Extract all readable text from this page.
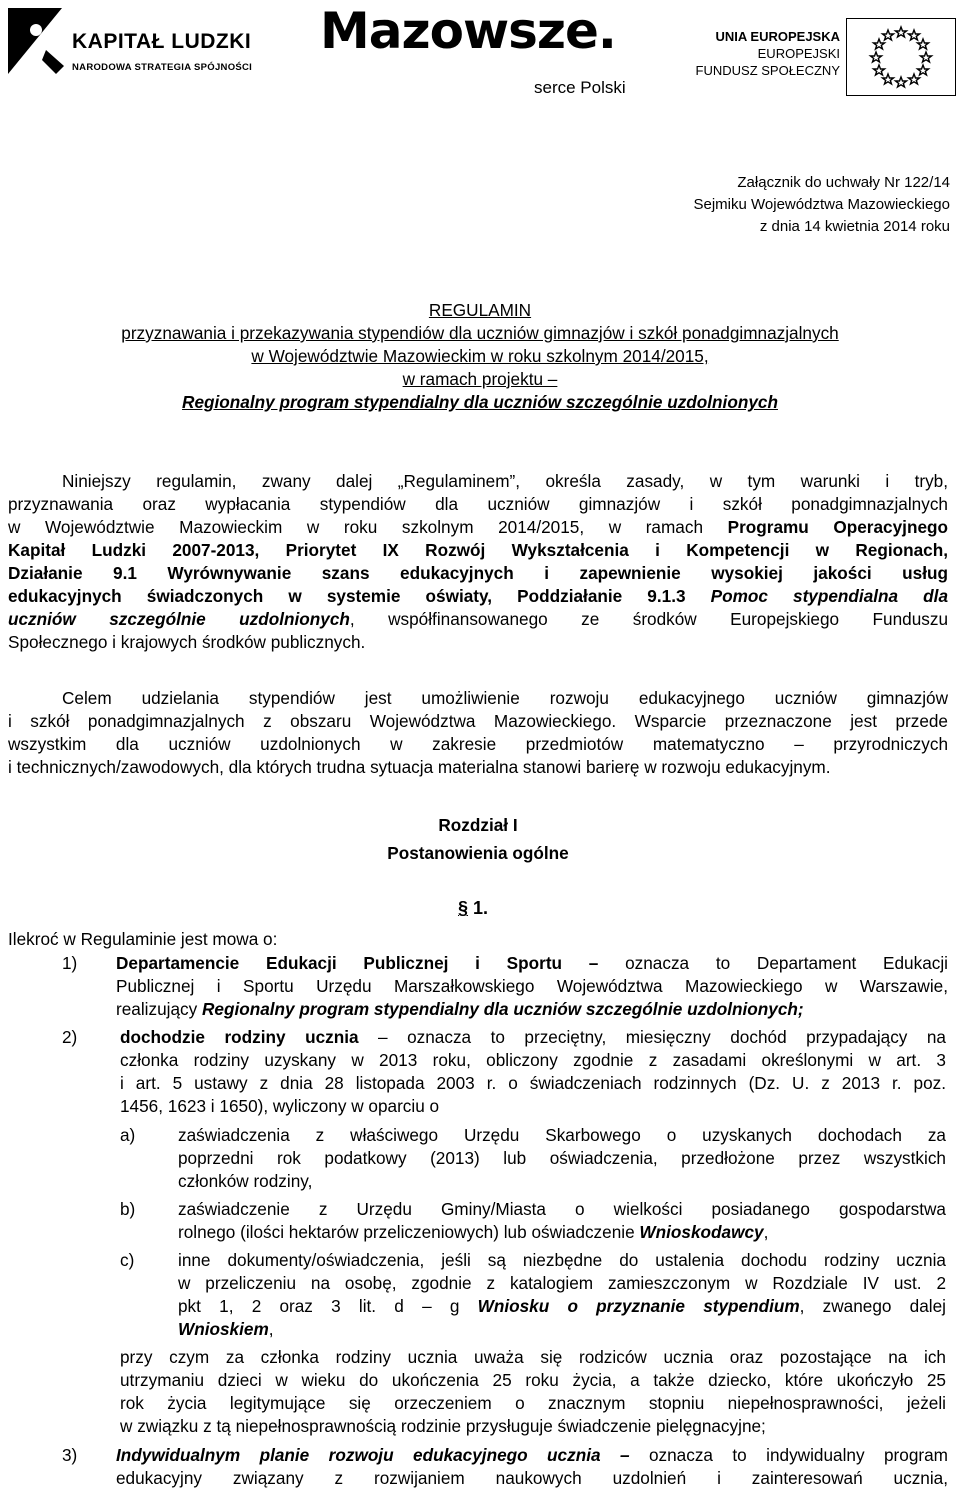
KAPITAŁ LUDZKI
NARODOWA STRATEGIA SPÓJNOŚCI
Mazowsze.
serce Polski
UNIA EUROPEJSKA
EUROPEJSKI
FUNDUSZ SPOŁECZNY
Załącznik do uchwały Nr 122/14
Sejmiku Województwa Mazowieckiego
z dnia 14 kwietnia 2014 roku
REGULAMIN
przyznawania i przekazywania stypendiów dla uczniów gimnazjów i szkół ponadgimnazjalnych
w Województwie Mazowieckim w roku szkolnym 2014/2015,
w ramach projektu –
Regionalny program stypendialny dla uczniów szczególnie uzdolnionych
Niniejszy regulamin, zwany dalej „Regulaminem”, określa zasady, w tym warunki i tryb,
przyznawania oraz wypłacania stypendiów dla uczniów gimnazjów i szkół ponadgimnazjalnych
w Województwie Mazowieckim w roku szkolnym 2014/2015, w ramach Programu Operacyjnego
Kapitał Ludzki 2007-2013, Priorytet IX Rozwój Wykształcenia i Kompetencji w Regionach,
Działanie 9.1 Wyrównywanie szans edukacyjnych i zapewnienie wysokiej jakości usług
edukacyjnych świadczonych w systemie oświaty, Poddziałanie 9.1.3 Pomoc stypendialna dla
uczniów szczególnie uzdolnionych, współfinansowanego ze środków Europejskiego Funduszu
Społecznego i krajowych środków publicznych.
Celem udzielania stypendiów jest umożliwienie rozwoju edukacyjnego uczniów gimnazjów
i szkół ponadgimnazjalnych z obszaru Województwa Mazowieckiego. Wsparcie przeznaczone jest przede
wszystkim dla uczniów uzdolnionych w zakresie przedmiotów matematyczno – przyrodniczych
i technicznych/zawodowych, dla których trudna sytuacja materialna stanowi barierę w rozwoju edukacyjnym.
Rozdział I
Postanowienia ogólne
§ 1.
Ilekroć w Regulaminie jest mowa o:
1) Departamencie Edukacji Publicznej i Sportu – oznacza to Departament Edukacji
Publicznej i Sportu Urzędu Marszałkowskiego Województwa Mazowieckiego w Warszawie,
realizujący Regionalny program stypendialny dla uczniów szczególnie uzdolnionych;
2) dochodzie rodziny ucznia – oznacza to przeciętny, miesięczny dochód przypadający na
członka rodziny uzyskany w 2013 roku, obliczony zgodnie z zasadami określonymi w art. 3
i art. 5 ustawy z dnia 28 listopada 2003 r. o świadczeniach rodzinnych (Dz. U. z 2013 r. poz.
1456, 1623 i 1650), wyliczony w oparciu o
a) zaświadczenia z właściwego Urzędu Skarbowego o uzyskanych dochodach za
poprzedni rok podatkowy (2013) lub oświadczenia, przedłożone przez wszystkich
członków rodziny,
b) zaświadczenie z Urzędu Gminy/Miasta o wielkości posiadanego gospodarstwa
rolnego (ilości hektarów przeliczeniowych) lub oświadczenie Wnioskodawcy,
c)	inne dokumenty/oświadczenia, jeśli są niezbędne do ustalenia dochodu rodziny ucznia
w przeliczeniu na osobę, zgodnie z katalogiem zamieszczonym w Rozdziale IV ust. 2
pkt 1, 2 oraz 3 lit. d – g Wniosku o przyznanie stypendium, zwanego dalej
Wnioskiem,
przy czym za członka rodziny ucznia uważa się rodziców ucznia oraz pozostające na ich
utrzymaniu dzieci w wieku do ukończenia 25 roku życia, a także dziecko, które ukończyło 25
rok życia legitymujące się orzeczeniem o znacznym stopniu niepełnosprawności, jeżeli
w związku z tą niepełnosprawnością rodzinie przysługuje świadczenie pielęgnacyjne;
3) Indywidualnym planie rozwoju edukacyjnego ucznia – oznacza to indywidualny program
edukacyjny związany z rozwijaniem naukowych uzdolnień i zainteresowań ucznia,
